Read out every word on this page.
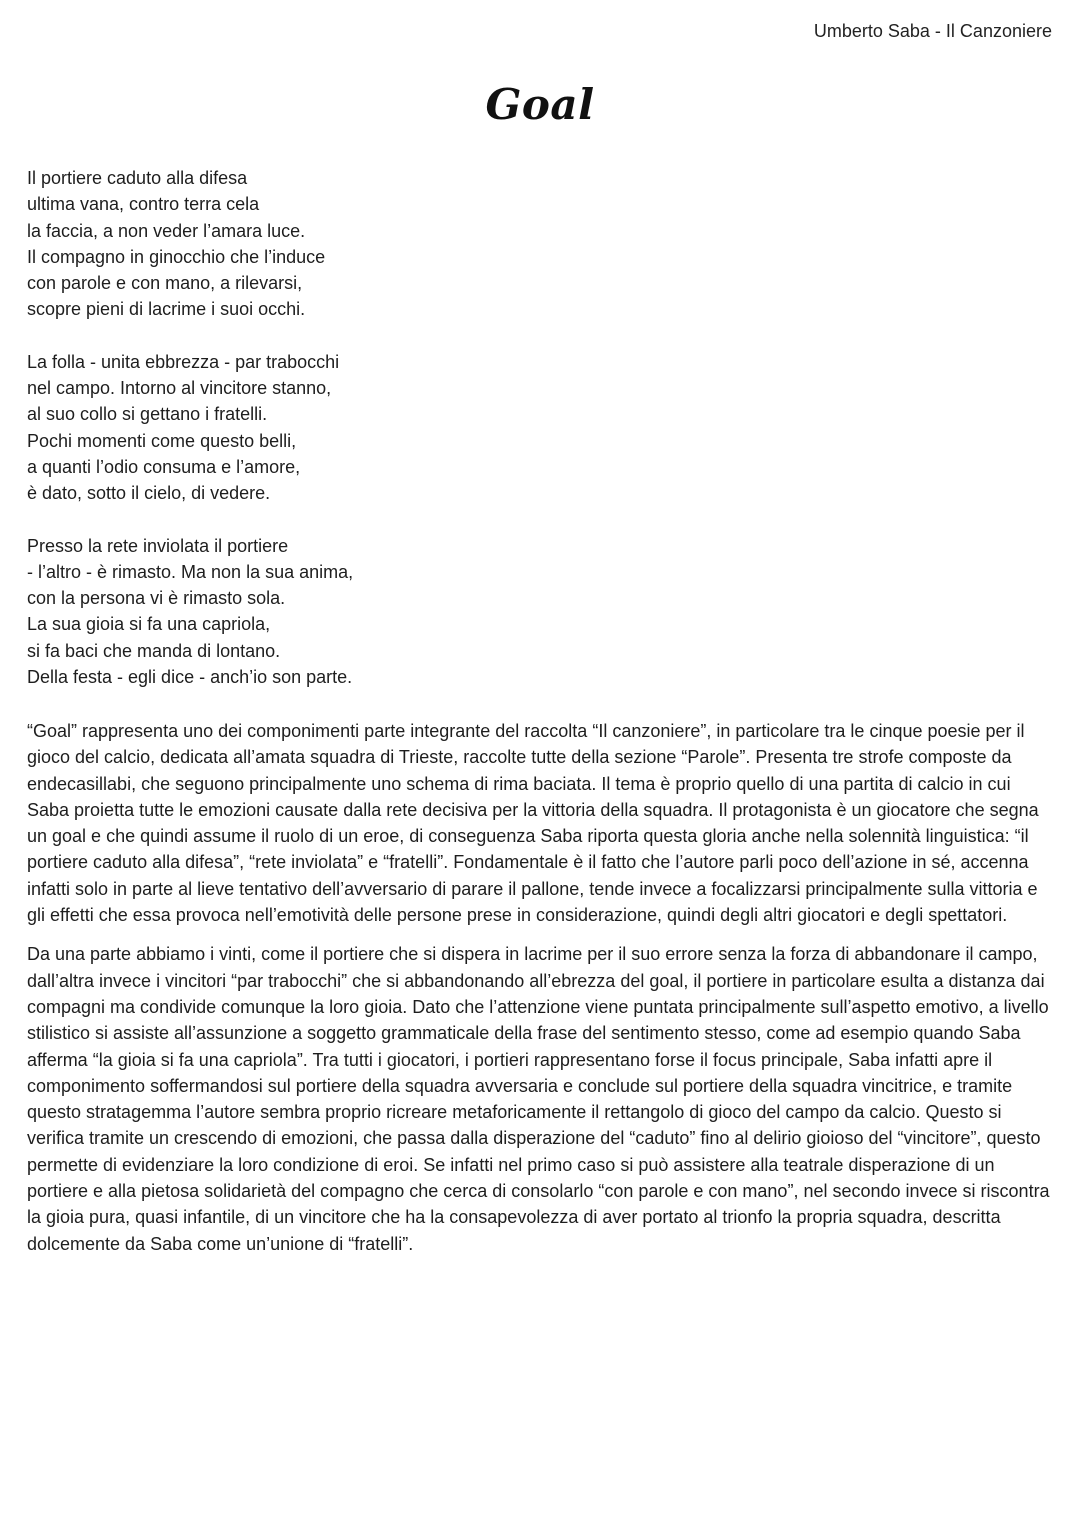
Umberto Saba - Il Canzoniere
Goal
Il portiere caduto alla difesa
ultima vana, contro terra cela
la faccia, a non veder l’amara luce.
Il compagno in ginocchio che l’induce
con parole e con mano, a rilevarsi,
scopre pieni di lacrime i suoi occhi.
La folla - unita ebbrezza - par trabocchi
nel campo. Intorno al vincitore stanno,
al suo collo si gettano i fratelli.
Pochi momenti come questo belli,
a quanti l’odio consuma e l’amore,
è dato, sotto il cielo, di vedere.
Presso la rete inviolata il portiere
- l’altro - è rimasto. Ma non la sua anima,
con la persona vi è rimasto sola.
La sua gioia si fa una capriola,
si fa baci che manda di lontano.
Della festa - egli dice - anch’io son parte.

“Goal” rappresenta uno dei componimenti parte integrante del raccolta “Il canzoniere”, in particolare tra le cinque poesie per il gioco del calcio, dedicata all’amata squadra di Trieste, raccolte tutte della sezione “Parole”. Presenta tre strofe composte da endecasillabi, che seguono principalmente uno schema di rima baciata. Il tema è proprio quello di una partita di calcio in cui Saba proietta tutte le emozioni causate dalla rete decisiva per la vittoria della squadra. Il protagonista è un giocatore che segna un goal e che quindi assume il ruolo di un eroe, di conseguenza Saba riporta questa gloria anche nella solennità linguistica: “il portiere caduto alla difesa”, “rete inviolata” e “fratelli”. Fondamentale è il fatto che l’autore parli poco dell’azione in sé, accenna infatti solo in parte al lieve tentativo dell’avversario di parare il pallone, tende invece a focalizzarsi principalmente sulla vittoria e gli effetti che essa provoca nell’emotività delle persone prese in considerazione, quindi degli altri giocatori e degli spettatori.

Da una parte abbiamo i vinti, come il portiere che si dispera in lacrime per il suo errore senza la forza di abbandonare il campo, dall’altra invece i vincitori “par trabocchi” che si abbandonando all’ebrezza del goal, il portiere in particolare esulta a distanza dai compagni ma condivide comunque la loro gioia. Dato che l’attenzione viene puntata principalmente sull’aspetto emotivo, a livello stilistico si assiste all’assunzione a soggetto grammaticale della frase del sentimento stesso, come ad esempio quando Saba afferma “la gioia si fa una capriola”. Tra tutti i giocatori, i portieri rappresentano forse il focus principale, Saba infatti apre il componimento soffermandosi sul portiere della squadra avversaria e conclude sul portiere della squadra vincitrice, e tramite questo stratagemma l’autore sembra proprio ricreare metaforicamente il rettangolo di gioco del campo da calcio. Questo si verifica tramite un crescendo di emozioni, che passa dalla disperazione del “caduto” fino al delirio gioioso del “vincitore”, questo permette di evidenziare la loro condizione di eroi. Se infatti nel primo caso si può assistere alla teatrale disperazione di un portiere e alla pietosa solidarietà del compagno che cerca di consolarlo “con parole e con mano”, nel secondo invece si riscontra la gioia pura, quasi infantile, di un vincitore che ha la consapevolezza di aver portato al trionfo la propria squadra, descritta dolcemente da Saba come un’unione di “fratelli”.
